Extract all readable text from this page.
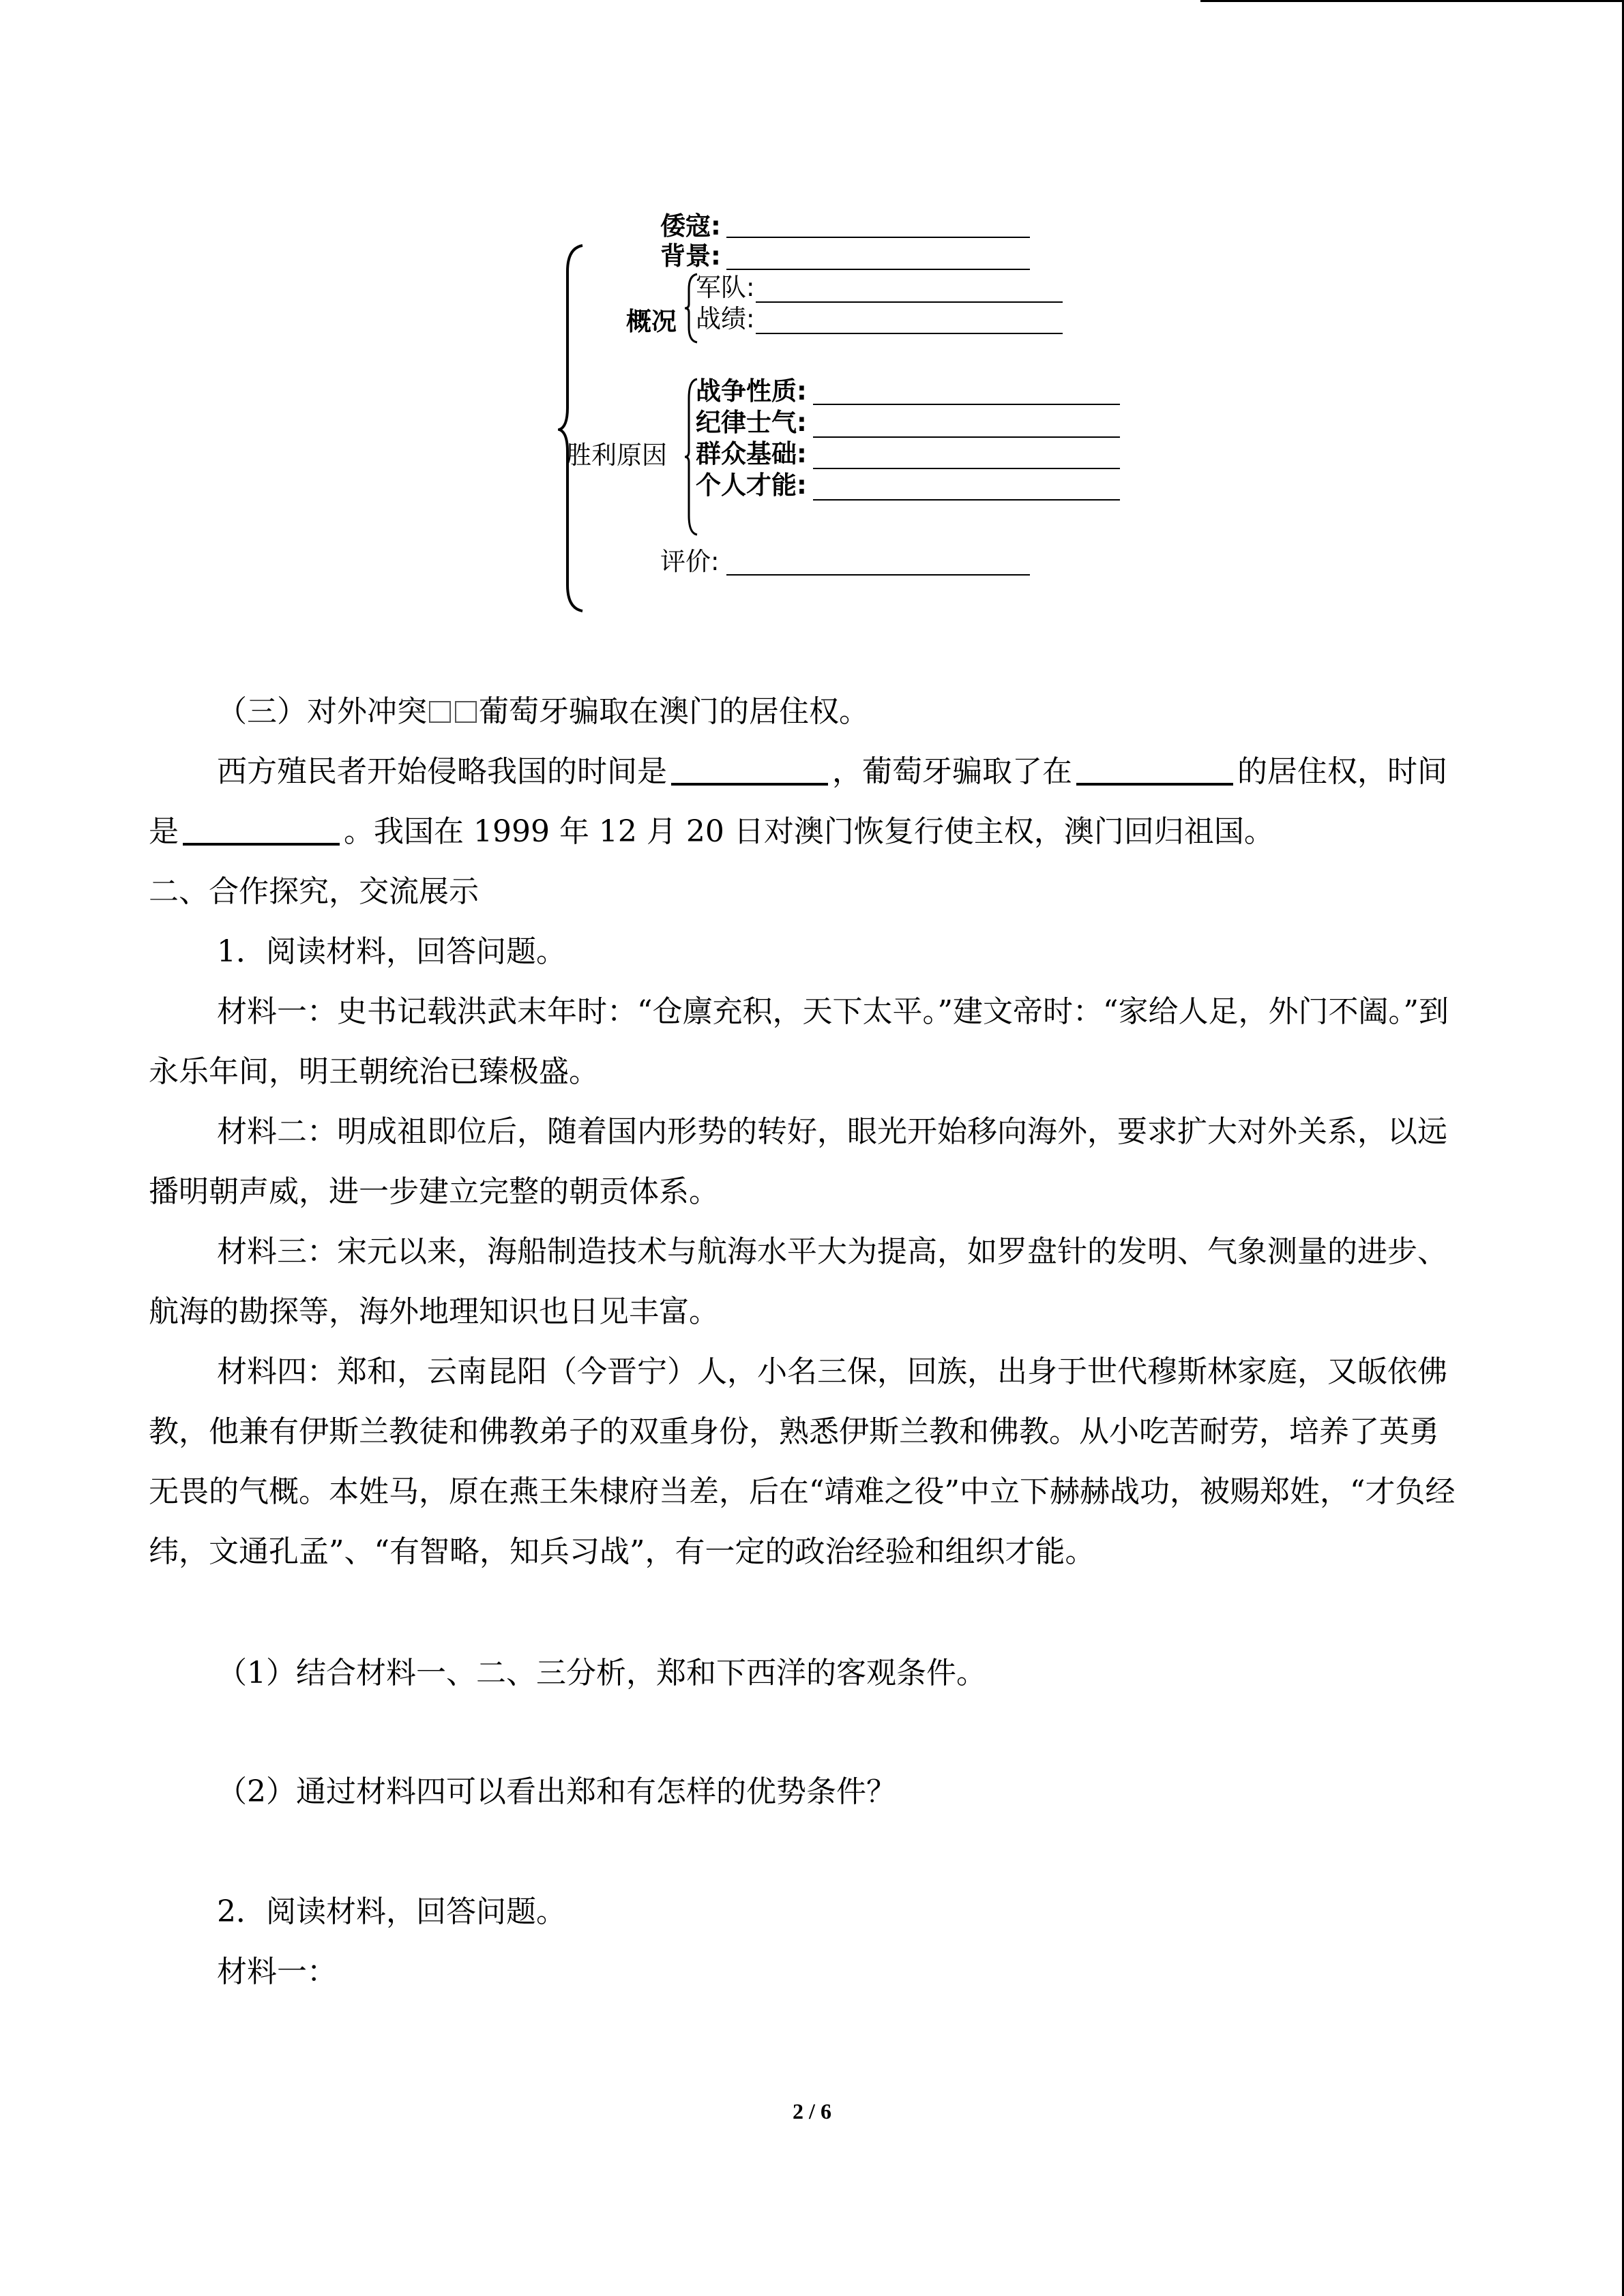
倭寇:
背景:
概况
军队:
战绩:
胜利原因
战争性质:
纪律士气:
群众基础:
个人才能:
评价:
（三）对外冲突 葡萄牙骗取在澳门的居住权。
西方殖民者开始侵略我国的时间是	，葡萄牙骗取了在	的居住权，时间是	。我国在 1999 年 12 月 20 日对澳门恢复行使主权，澳门回归祖国。
二、合作探究，交流展示
1．阅读材料，回答问题。
材料一：史书记载洪武末年时：“仓廪充积，天下太平。”建文帝时：“家给人足，外门不阖。”到永乐年间，明王朝统治已臻极盛。
材料二：明成祖即位后，随着国内形势的转好，眼光开始移向海外，要求扩大对外关系，以远播明朝声威，进一步建立完整的朝贡体系。
材料三：宋元以来，海船制造技术与航海水平大为提高，如罗盘针的发明、气象测量的进步、航海的勘探等，海外地理知识也日见丰富。
材料四：郑和，云南昆阳（今晋宁）人，小名三保，回族，出身于世代穆斯林家庭，又皈依佛教，他兼有伊斯兰教徒和佛教弟子的双重身份，熟悉伊斯兰教和佛教。从小吃苦耐劳，培养了英勇无畏的气概。本姓马，原在燕王朱棣府当差，后在“靖难之役”中立下赫赫战功，被赐郑姓，“才负经纬，文通孔孟”、“有智略，知兵习战”，有一定的政治经验和组织才能。
（1）结合材料一、二、三分析，郑和下西洋的客观条件。
（2）通过材料四可以看出郑和有怎样的优势条件？
2．阅读材料，回答问题。
材料一：
2 / 6
